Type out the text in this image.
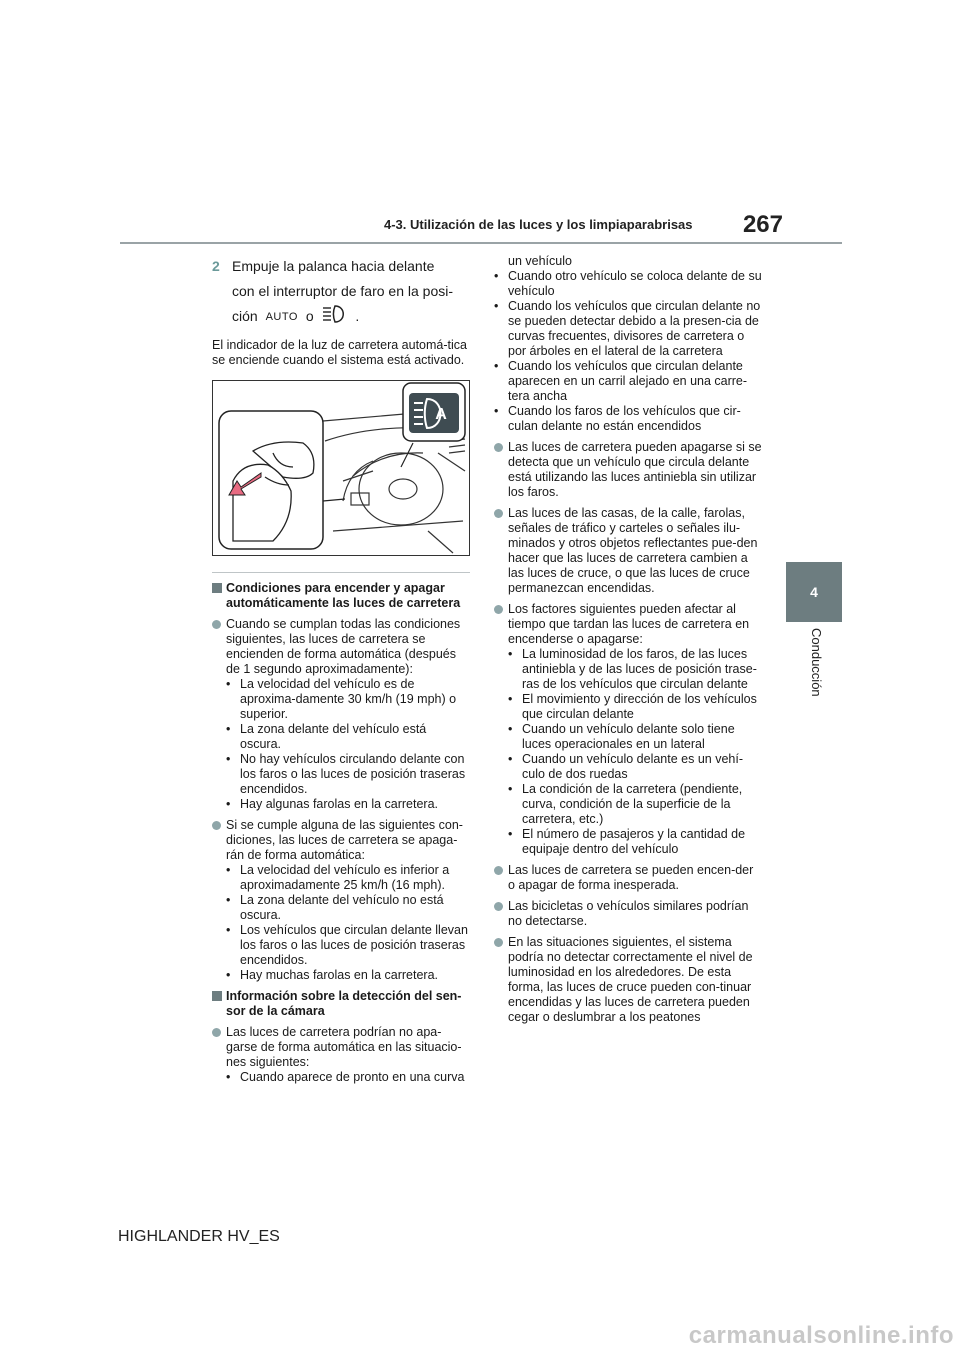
4-3. Utilización de las luces y los limpiaparabrisas	267
4
Conducción
2 Empuje la palanca hacia delante
con el interruptor de faro en la posi-
ción AUTO o	.

El indicador de la luz de carretera automá-tica se enciende cuando el sistema está activado.

A
Condiciones para encender y apagar automáticamente las luces de carretera
Cuando se cumplan todas las condiciones siguientes, las luces de carretera se encienden de forma automática (después de 1 segundo aproximadamente):
• La velocidad del vehículo es de aproxima-damente 30 km/h (19 mph) o superior.
• La zona delante del vehículo está oscura.
• No hay vehículos circulando delante con los faros o las luces de posición traseras encendidos.
• Hay algunas farolas en la carretera.
Si se cumple alguna de las siguientes con-diciones, las luces de carretera se apaga-rán de forma automática:
• La velocidad del vehículo es inferior a aproximadamente 25 km/h (16 mph).
• La zona delante del vehículo no está oscura.
• Los vehículos que circulan delante llevan los faros o las luces de posición traseras encendidos.
• Hay muchas farolas en la carretera.
Información sobre la detección del sen-sor de la cámara
Las luces de carretera podrían no apa-garse de forma automática en las situacio-nes siguientes:
• Cuando aparece de pronto en una curva

un vehículo

• Cuando otro vehículo se coloca delante de su vehículo
• Cuando los vehículos que circulan delante no se pueden detectar debido a la presen-cia de curvas frecuentes, divisores de carretera o por árboles en el lateral de la carretera
• Cuando los vehículos que circulan delante aparecen en un carril alejado en una carre-tera ancha
• Cuando los faros de los vehículos que cir-culan delante no están encendidos
Las luces de carretera pueden apagarse si se detecta que un vehículo que circula delante está utilizando las luces antiniebla sin utilizar los faros.
Las luces de las casas, de la calle, farolas, señales de tráfico y carteles o señales ilu-minados y otros objetos reflectantes pue-den hacer que las luces de carretera cambien a las luces de cruce, o que las luces de cruce permanezcan encendidas.
Los factores siguientes pueden afectar al tiempo que tardan las luces de carretera en encenderse o apagarse:
• La luminosidad de los faros, de las luces antiniebla y de las luces de posición trase-ras de los vehículos que circulan delante
• El movimiento y dirección de los vehículos que circulan delante
• Cuando un vehículo delante solo tiene luces operacionales en un lateral
• Cuando un vehículo delante es un vehí-culo de dos ruedas
• La condición de la carretera (pendiente, curva, condición de la superficie de la carretera, etc.)
• El número de pasajeros y la cantidad de equipaje dentro del vehículo
Las luces de carretera se pueden encen-der o apagar de forma inesperada.
Las bicicletas o vehículos similares podrían no detectarse.
En las situaciones siguientes, el sistema podría no detectar correctamente el nivel de luminosidad en los alrededores. De esta forma, las luces de cruce pueden con-tinuar encendidas y las luces de carretera pueden cegar o deslumbrar a los peatones
HIGHLANDER HV_ES
carmanualsonline.info
